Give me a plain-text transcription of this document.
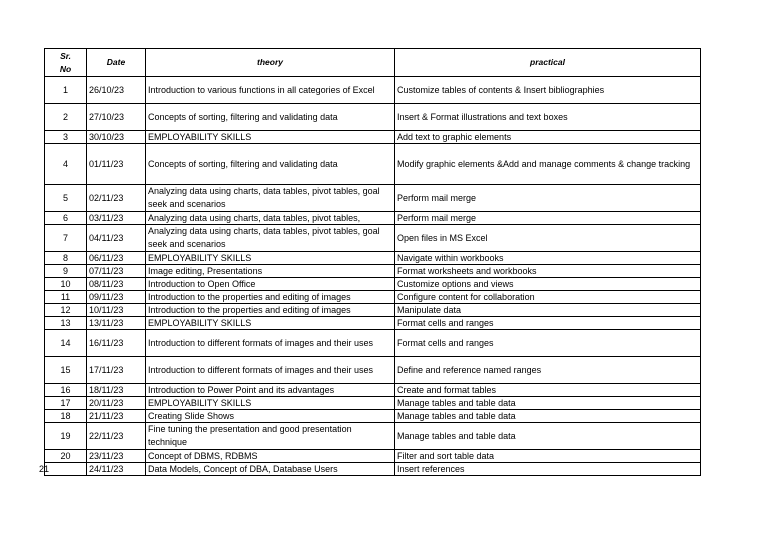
Sr.
No	Date	theory	practical
1	26/10/23	Introduction to various functions in all categories of Excel	Customize tables of contents & Insert bibliographies
2	27/10/23	Concepts of sorting, filtering and validating data	Insert & Format illustrations and text boxes
3	30/10/23	EMPLOYABILITY SKILLS	Add text to graphic elements
4	01/11/23	Concepts of sorting, filtering and validating data	Modify graphic elements &Add and manage comments & change tracking
5	02/11/23	Analyzing data using charts, data tables, pivot tables, goal seek and scenarios	Perform mail merge
6	03/11/23	Analyzing data using charts, data tables, pivot tables,	Perform mail merge
7	04/11/23	Analyzing data using charts, data tables, pivot tables, goal seek and scenarios	Open files in MS Excel
8	06/11/23	EMPLOYABILITY SKILLS	Navigate within workbooks
9	07/11/23	Image editing, Presentations	Format worksheets and workbooks
10	08/11/23	Introduction to Open Office	Customize options and views
11	09/11/23	Introduction to the properties and editing of images	Configure content for collaboration
12	10/11/23	Introduction to the properties and editing of images	Manipulate data
13	13/11/23	EMPLOYABILITY SKILLS	Format cells and ranges
14	16/11/23	Introduction to different formats of images and their uses	Format cells and ranges
15	17/11/23	Introduction to different formats of images and their uses	Define and reference named ranges
16	18/11/23	Introduction to Power Point and its advantages	Create and format tables
17	20/11/23	EMPLOYABILITY SKILLS	Manage tables and table data
18	21/11/23	Creating Slide Shows	Manage tables and table data
19	22/11/23	Fine tuning the presentation and good presentation technique	Manage tables and table data
20	23/11/23	Concept of DBMS, RDBMS	Filter and sort table data
21	24/11/23	Data Models, Concept of DBA, Database Users	Insert references
